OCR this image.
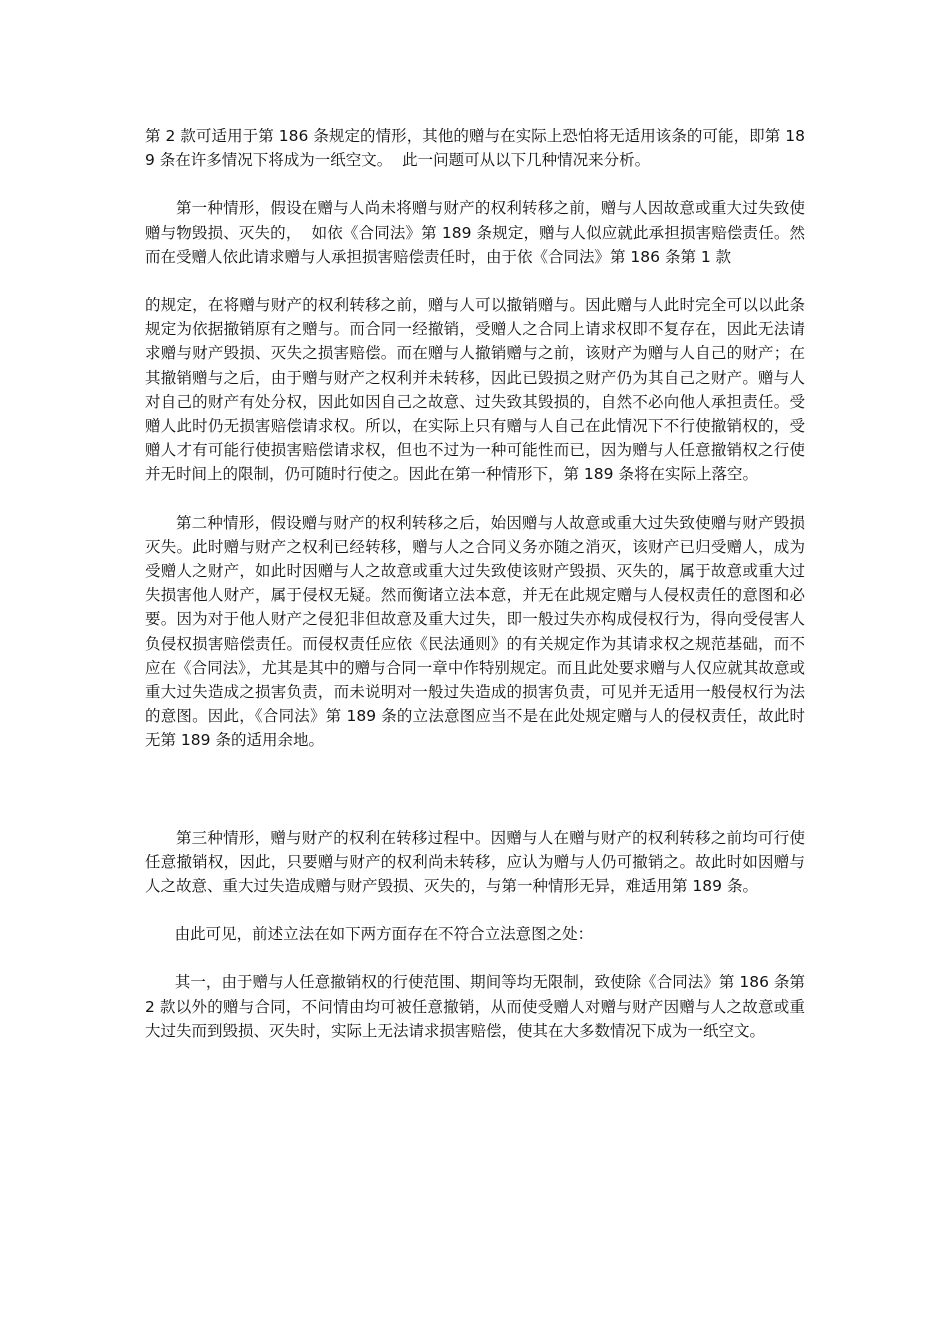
第 2 款可适用于第 186 条规定的情形，其他的赠与在实际上恐怕将无适用该条的可能，即第 189 条在许多情况下将成为一纸空文。  此一问题可从以下几种情况来分析。

第一种情形，假设在赠与人尚未将赠与财产的权利转移之前，赠与人因故意或重大过失致使赠与物毁损、灭失的，  如依《合同法》第 189 条规定，赠与人似应就此承担损害赔偿责任。然而在受赠人依此请求赠与人承担损害赔偿责任时，由于依《合同法》第 186 条第 1 款

的规定，在将赠与财产的权利转移之前，赠与人可以撤销赠与。因此赠与人此时完全可以以此条规定为依据撤销原有之赠与。而合同一经撤销，受赠人之合同上请求权即不复存在，因此无法请求赠与财产毁损、灭失之损害赔偿。而在赠与人撤销赠与之前，该财产为赠与人自己的财产；在其撤销赠与之后，由于赠与财产之权利并未转移，因此已毁损之财产仍为其自己之财产。赠与人对自己的财产有处分权，因此如因自己之故意、过失致其毁损的，自然不必向他人承担责任。受赠人此时仍无损害赔偿请求权。所以，在实际上只有赠与人自己在此情况下不行使撤销权的，受赠人才有可能行使损害赔偿请求权，但也不过为一种可能性而已，因为赠与人任意撤销权之行使并无时间上的限制，仍可随时行使之。因此在第一种情形下，第 189 条将在实际上落空。

第二种情形，假设赠与财产的权利转移之后，始因赠与人故意或重大过失致使赠与财产毁损灭失。此时赠与财产之权利已经转移，赠与人之合同义务亦随之消灭，该财产已归受赠人，成为受赠人之财产，如此时因赠与人之故意或重大过失致使该财产毁损、灭失的，属于故意或重大过失损害他人财产，属于侵权无疑。然而衡诸立法本意，并无在此规定赠与人侵权责任的意图和必要。因为对于他人财产之侵犯非但故意及重大过失，即一般过失亦构成侵权行为，得向受侵害人负侵权损害赔偿责任。而侵权责任应依《民法通则》的有关规定作为其请求权之规范基础，而不应在《合同法》，尤其是其中的赠与合同一章中作特别规定。而且此处要求赠与人仅应就其故意或重大过失造成之损害负责，而未说明对一般过失造成的损害负责，可见并无适用一般侵权行为法的意图。因此，《合同法》第 189 条的立法意图应当不是在此处规定赠与人的侵权责任，故此时无第 189 条的适用余地。

第三种情形，赠与财产的权利在转移过程中。因赠与人在赠与财产的权利转移之前均可行使任意撤销权，因此，只要赠与财产的权利尚未转移，应认为赠与人仍可撤销之。故此时如因赠与人之故意、重大过失造成赠与财产毁损、灭失的，与第一种情形无异，难适用第 189 条。

由此可见，前述立法在如下两方面存在不符合立法意图之处：

其一，由于赠与人任意撤销权的行使范围、期间等均无限制，致使除《合同法》第 186 条第 2 款以外的赠与合同，不问情由均可被任意撤销，从而使受赠人对赠与财产因赠与人之故意或重大过失而到毁损、灭失时，实际上无法请求损害赔偿，使其在大多数情况下成为一纸空文。
